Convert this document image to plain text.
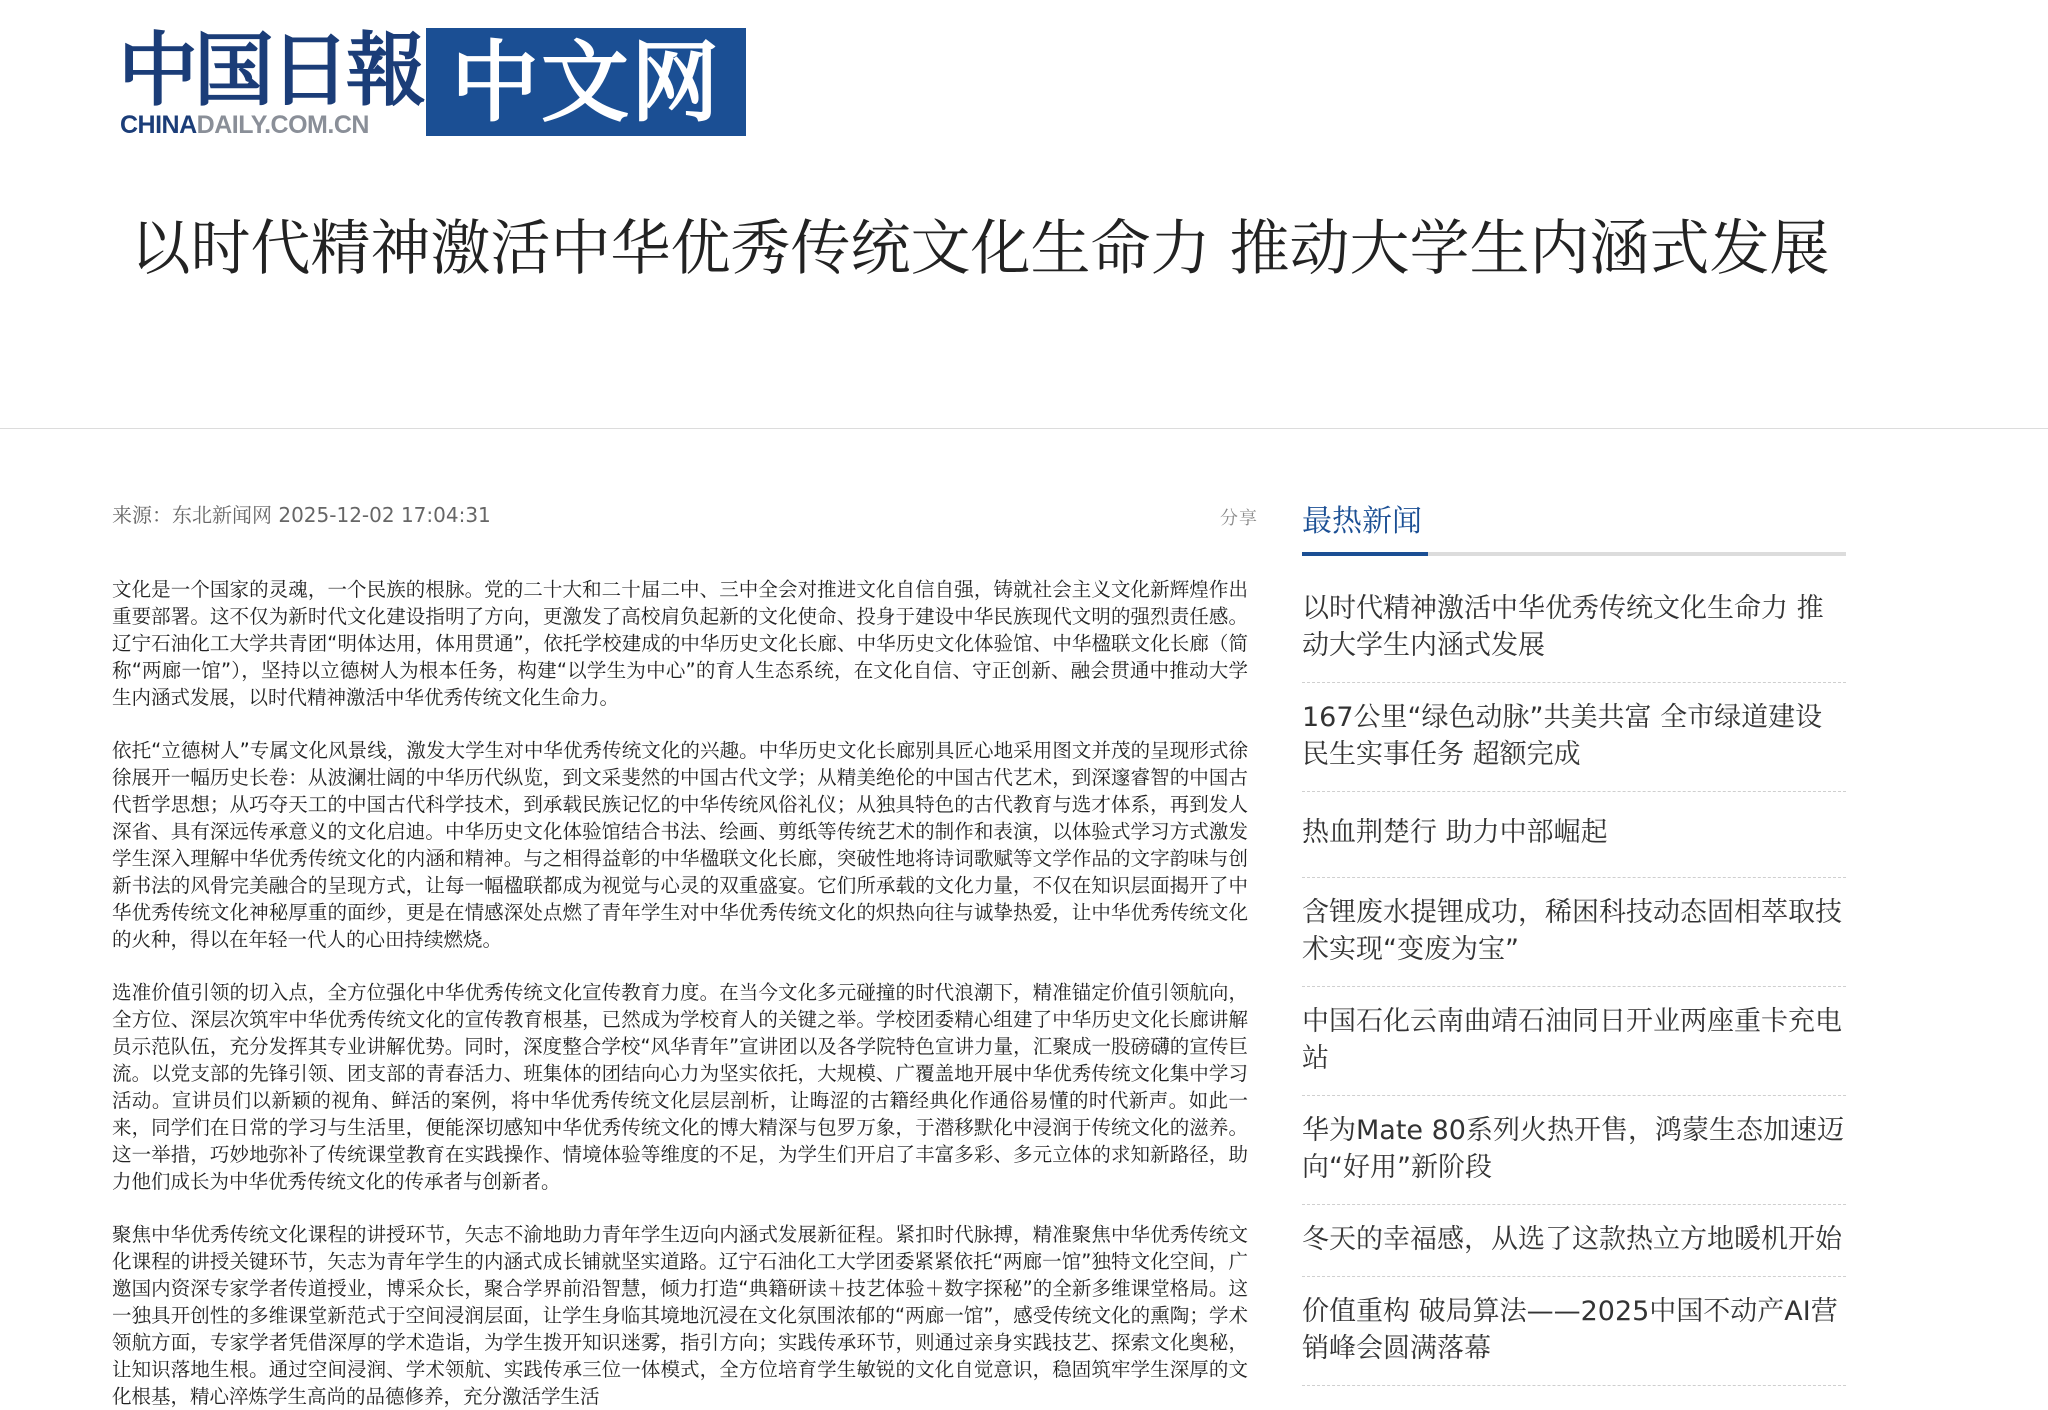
中国日報
CHINADAILY.COM.CN 中文网
以时代精神激活中华优秀传统文化生命力 推动大学生内涵式发展
来源：东北新闻网 2025-12-02 17:04:31	分享

文化是一个国家的灵魂，一个民族的根脉。党的二十大和二十届二中、三中全会对推进文化自信自强，铸就社会主义文化新辉煌作出重要部署。这不仅为新时代文化建设指明了方向，更激发了高校肩负起新的文化使命、投身于建设中华民族现代文明的强烈责任感。辽宁石油化工大学共青团“明体达用，体用贯通”，依托学校建成的中华历史文化长廊、中华历史文化体验馆、中华楹联文化长廊（简称“两廊一馆”），坚持以立德树人为根本任务，构建“以学生为中心”的育人生态系统，在文化自信、守正创新、融会贯通中推动大学生内涵式发展，以时代精神激活中华优秀传统文化生命力。

依托“立德树人”专属文化风景线，激发大学生对中华优秀传统文化的兴趣。中华历史文化长廊别具匠心地采用图文并茂的呈现形式徐徐展开一幅历史长卷：从波澜壮阔的中华历代纵览，到文采斐然的中国古代文学；从精美绝伦的中国古代艺术，到深邃睿智的中国古代哲学思想；从巧夺天工的中国古代科学技术，到承载民族记忆的中华传统风俗礼仪；从独具特色的古代教育与选才体系，再到发人深省、具有深远传承意义的文化启迪。中华历史文化体验馆结合书法、绘画、剪纸等传统艺术的制作和表演，以体验式学习方式激发学生深入理解中华优秀传统文化的内涵和精神。与之相得益彰的中华楹联文化长廊，突破性地将诗词歌赋等文学作品的文字韵味与创新书法的风骨完美融合的呈现方式，让每一幅楹联都成为视觉与心灵的双重盛宴。它们所承载的文化力量，不仅在知识层面揭开了中华优秀传统文化神秘厚重的面纱，更是在情感深处点燃了青年学生对中华优秀传统文化的炽热向往与诚挚热爱，让中华优秀传统文化的火种，得以在年轻一代人的心田持续燃烧。

选准价值引领的切入点，全方位强化中华优秀传统文化宣传教育力度。在当今文化多元碰撞的时代浪潮下，精准锚定价值引领航向，全方位、深层次筑牢中华优秀传统文化的宣传教育根基，已然成为学校育人的关键之举。学校团委精心组建了中华历史文化长廊讲解员示范队伍，充分发挥其专业讲解优势。同时，深度整合学校“风华青年”宣讲团以及各学院特色宣讲力量，汇聚成一股磅礴的宣传巨流。以党支部的先锋引领、团支部的青春活力、班集体的团结向心力为坚实依托，大规模、广覆盖地开展中华优秀传统文化集中学习活动。宣讲员们以新颖的视角、鲜活的案例，将中华优秀传统文化层层剖析，让晦涩的古籍经典化作通俗易懂的时代新声。如此一来，同学们在日常的学习与生活里，便能深切感知中华优秀传统文化的博大精深与包罗万象，于潜移默化中浸润于传统文化的滋养。这一举措，巧妙地弥补了传统课堂教育在实践操作、情境体验等维度的不足，为学生们开启了丰富多彩、多元立体的求知新路径，助力他们成长为中华优秀传统文化的传承者与创新者。

聚焦中华优秀传统文化课程的讲授环节，矢志不渝地助力青年学生迈向内涵式发展新征程。紧扣时代脉搏，精准聚焦中华优秀传统文化课程的讲授关键环节，矢志为青年学生的内涵式成长铺就坚实道路。辽宁石油化工大学团委紧紧依托“两廊一馆”独特文化空间，广邀国内资深专家学者传道授业，博采众长，聚合学界前沿智慧，倾力打造“典籍研读＋技艺体验＋数字探秘”的全新多维课堂格局。这一独具开创性的多维课堂新范式于空间浸润层面，让学生身临其境地沉浸在文化氛围浓郁的“两廊一馆”，感受传统文化的熏陶；学术领航方面，专家学者凭借深厚的学术造诣，为学生拨开知识迷雾，指引方向；实践传承环节，则通过亲身实践技艺、探索文化奥秘，让知识落地生根。通过空间浸润、学术领航、实践传承三位一体模式，全方位培育学生敏锐的文化自觉意识，稳固筑牢学生深厚的文化根基，精心淬炼学生高尚的品德修养，充分激活学生活

最热新闻
以时代精神激活中华优秀传统文化生命力 推动大学生内涵式发展
167公里“绿色动脉”共美共富 全市绿道建设民生实事任务 超额完成
热血荆楚行 助力中部崛起
含锂废水提锂成功，稀困科技动态固相萃取技术实现“变废为宝”
中国石化云南曲靖石油同日开业两座重卡充电站
华为Mate 80系列火热开售，鸿蒙生态加速迈向“好用”新阶段
冬天的幸福感，从选了这款热立方地暖机开始
价值重构 破局算法——2025中国不动产AI营销峰会圆满落幕
